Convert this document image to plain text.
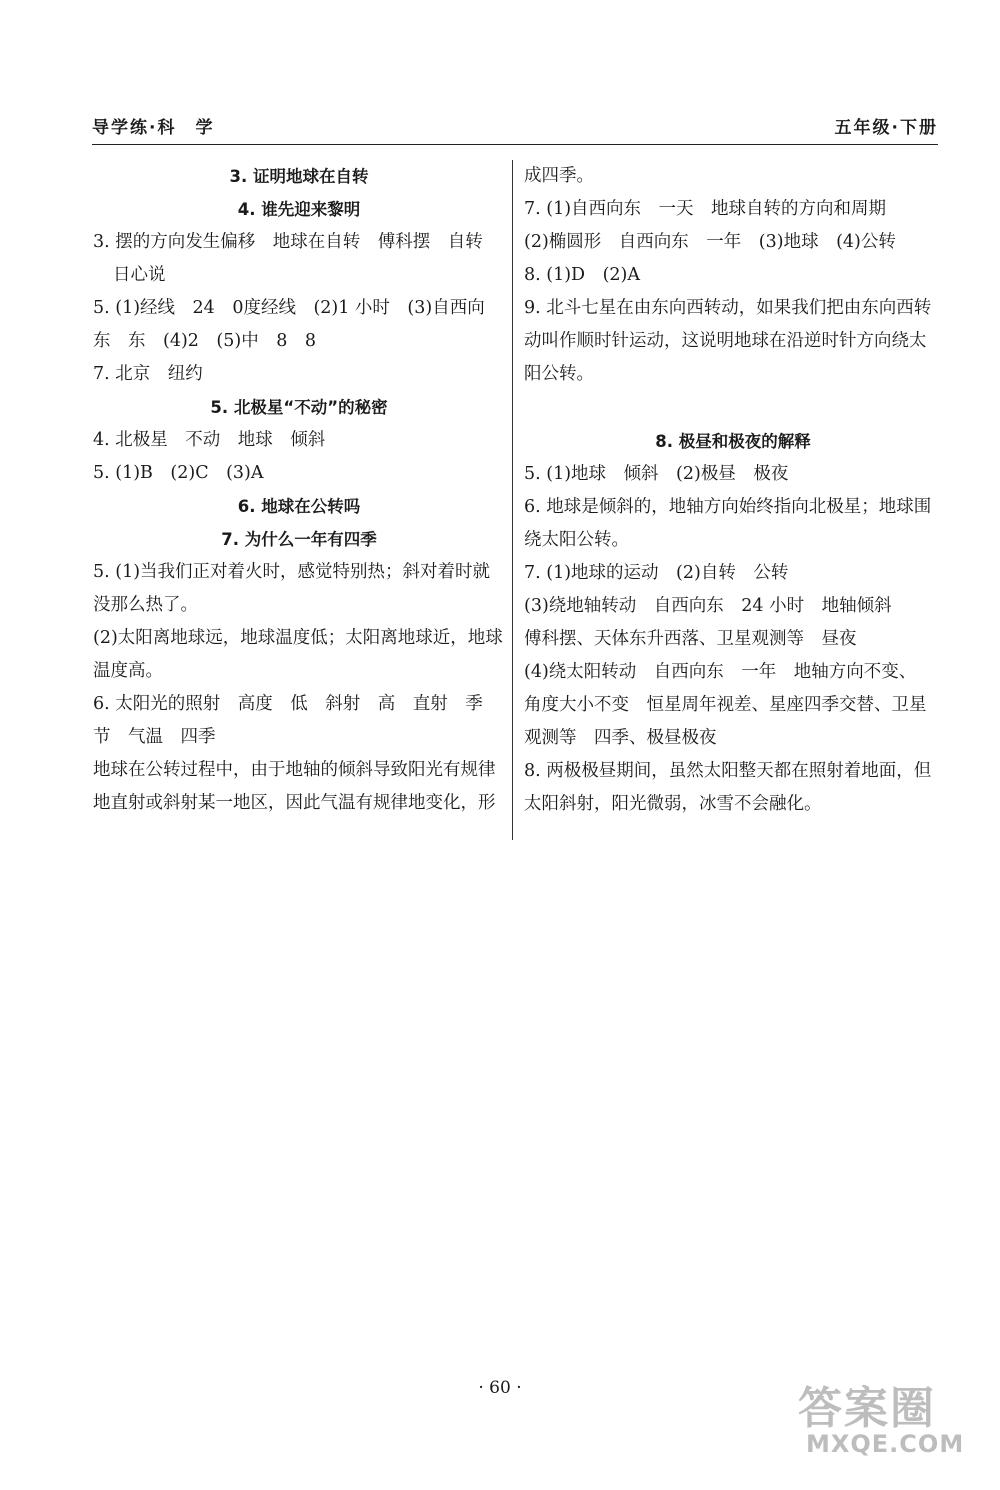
导学练·科　学	五年级·下册
3. 证明地球在自转
4. 谁先迎来黎明
3. 摆的方向发生偏移　地球在自转　傅科摆　自转
日心说
5. (1)经线　24　0度经线　(2)1 小时　(3)自西向
东　东　(4)2　(5)中　8　8
7. 北京　纽约
5. 北极星“不动”的秘密
4. 北极星　不动　地球　倾斜
5. (1)B　(2)C　(3)A
6. 地球在公转吗
7. 为什么一年有四季
5. (1)当我们正对着火时，感觉特别热；斜对着时就
没那么热了。
(2)太阳离地球远，地球温度低；太阳离地球近，地球
温度高。
6. 太阳光的照射　高度　低　斜射　高　直射　季
节　气温　四季
地球在公转过程中，由于地轴的倾斜导致阳光有规律
地直射或斜射某一地区，因此气温有规律地变化，形
成四季。
7. (1)自西向东　一天　地球自转的方向和周期
(2)椭圆形　自西向东　一年　(3)地球　(4)公转
8. (1)D　(2)A
9. 北斗七星在由东向西转动，如果我们把由东向西转
动叫作顺时针运动，这说明地球在沿逆时针方向绕太
阳公转。
8. 极昼和极夜的解释
5. (1)地球　倾斜　(2)极昼　极夜
6. 地球是倾斜的，地轴方向始终指向北极星；地球围
绕太阳公转。
7. (1)地球的运动　(2)自转　公转
(3)绕地轴转动　自西向东　24 小时　地轴倾斜
傅科摆、天体东升西落、卫星观测等　昼夜
(4)绕太阳转动　自西向东　一年　地轴方向不变、
角度大小不变　恒星周年视差、星座四季交替、卫星
观测等　四季、极昼极夜
8. 两极极昼期间，虽然太阳整天都在照射着地面，但
太阳斜射，阳光微弱，冰雪不会融化。
· 60 ·	答案圈
MXQE.COM
